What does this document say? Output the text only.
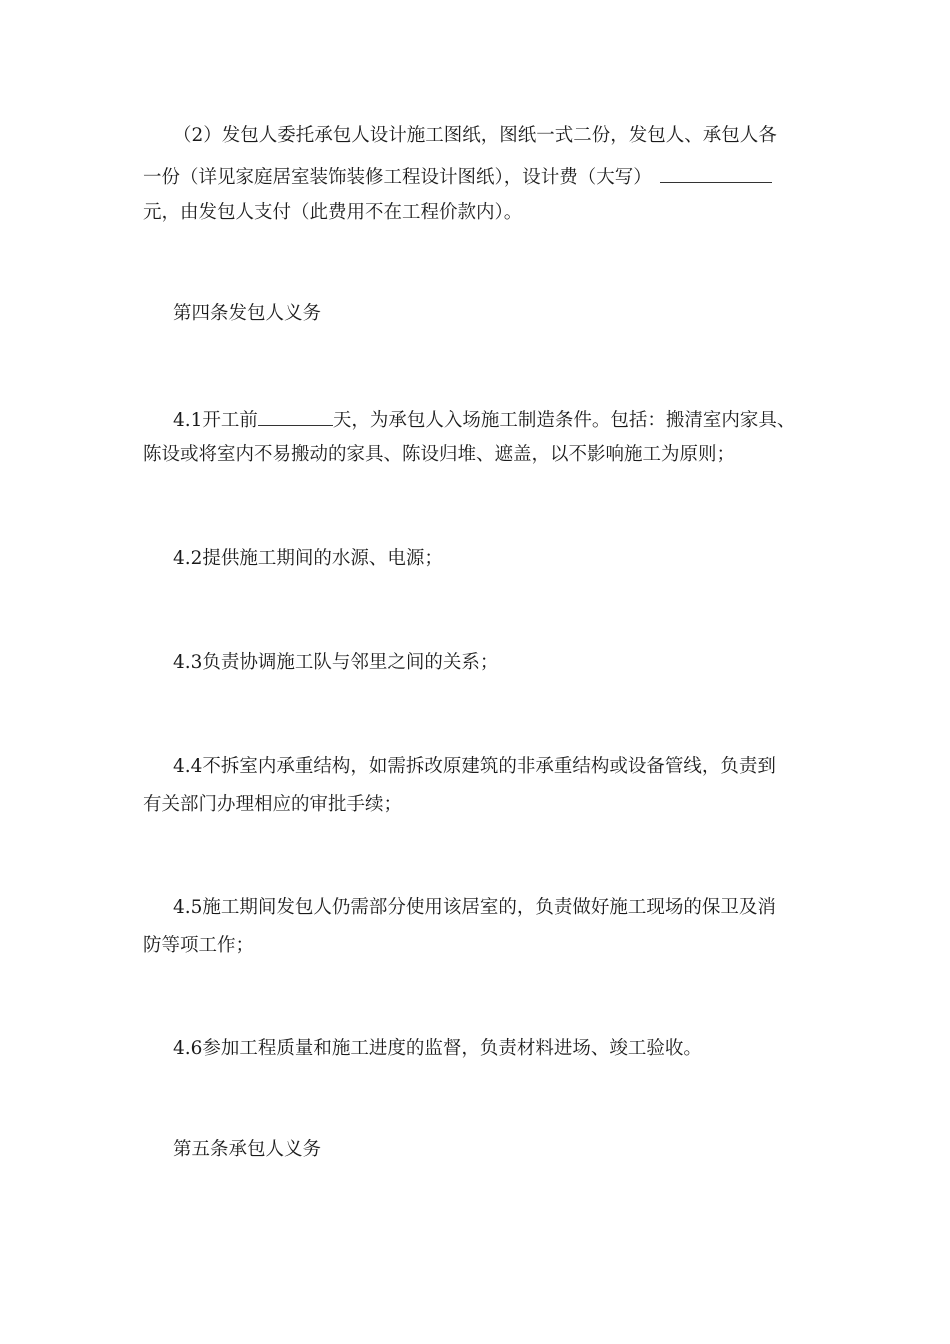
（2）发包人委托承包人设计施工图纸，图纸一式二份，发包人、承包人各
一份（详见家庭居室装饰装修工程设计图纸），设计费（大写）
元，由发包人支付（此费用不在工程价款内）。
第四条发包人义务
4.1开工前	天，为承包人入场施工制造条件。包括：搬清室内家具、
陈设或将室内不易搬动的家具、陈设归堆、遮盖，以不影响施工为原则；
4.2提供施工期间的水源、电源；
4.3负责协调施工队与邻里之间的关系；
4.4不拆室内承重结构，如需拆改原建筑的非承重结构或设备管线，负责到
有关部门办理相应的审批手续；
4.5施工期间发包人仍需部分使用该居室的，负责做好施工现场的保卫及消
防等项工作；
4.6参加工程质量和施工进度的监督，负责材料进场、竣工验收。
第五条承包人义务
